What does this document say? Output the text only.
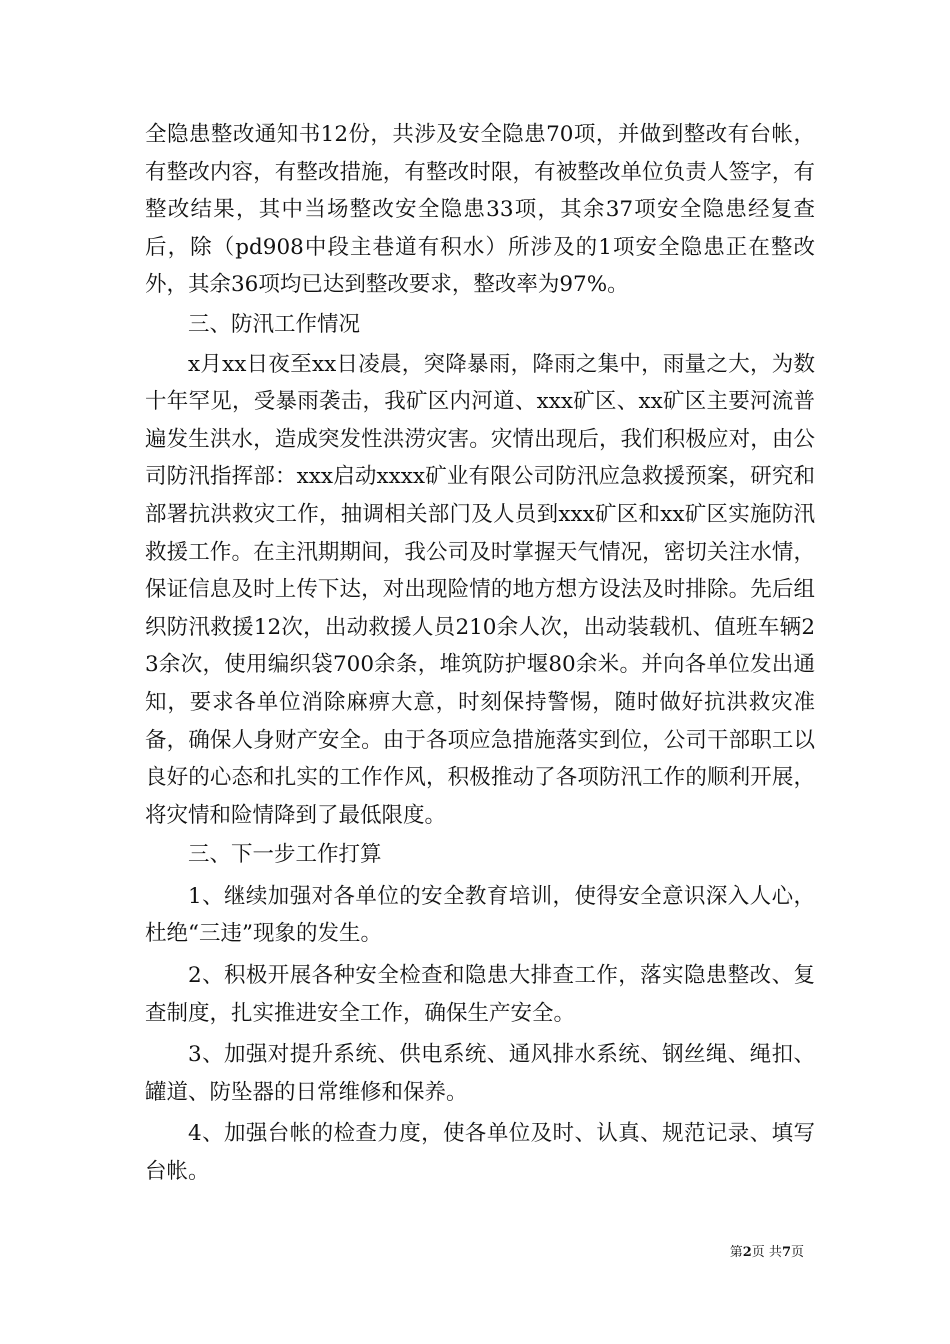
全隐患整改通知书12份，共涉及安全隐患70项，并做到整改有台帐，有整改内容，有整改措施，有整改时限，有被整改单位负责人签字，有整改结果，其中当场整改安全隐患33项，其余37项安全隐患经复查后，除（pd908中段主巷道有积水）所涉及的1项安全隐患正在整改外，其余36项均已达到整改要求，整改率为97%。

三、防汛工作情况

x月xx日夜至xx日凌晨，突降暴雨，降雨之集中，雨量之大，为数十年罕见，受暴雨袭击，我矿区内河道、xxx矿区、xx矿区主要河流普遍发生洪水，造成突发性洪涝灾害。灾情出现后，我们积极应对，由公司防汛指挥部：xxx启动xxxx矿业有限公司防汛应急救援预案，研究和部署抗洪救灾工作，抽调相关部门及人员到xxx矿区和xx矿区实施防汛救援工作。在主汛期期间，我公司及时掌握天气情况，密切关注水情，保证信息及时上传下达，对出现险情的地方想方设法及时排除。先后组织防汛救援12次，出动救援人员210余人次，出动装载机、值班车辆23余次，使用编织袋700余条，堆筑防护堰80余米。并向各单位发出通知，要求各单位消除麻痹大意，时刻保持警惕，随时做好抗洪救灾准备，确保人身财产安全。由于各项应急措施落实到位，公司干部职工以良好的心态和扎实的工作作风，积极推动了各项防汛工作的顺利开展，将灾情和险情降到了最低限度。

三、下一步工作打算

1、继续加强对各单位的安全教育培训，使得安全意识深入人心，杜绝“三违”现象的发生。

2、积极开展各种安全检查和隐患大排查工作，落实隐患整改、复查制度，扎实推进安全工作，确保生产安全。

3、加强对提升系统、供电系统、通风排水系统、钢丝绳、绳扣、罐道、防坠器的日常维修和保养。

4、加强台帐的检查力度，使各单位及时、认真、规范记录、填写台帐。

第2页 共7页
